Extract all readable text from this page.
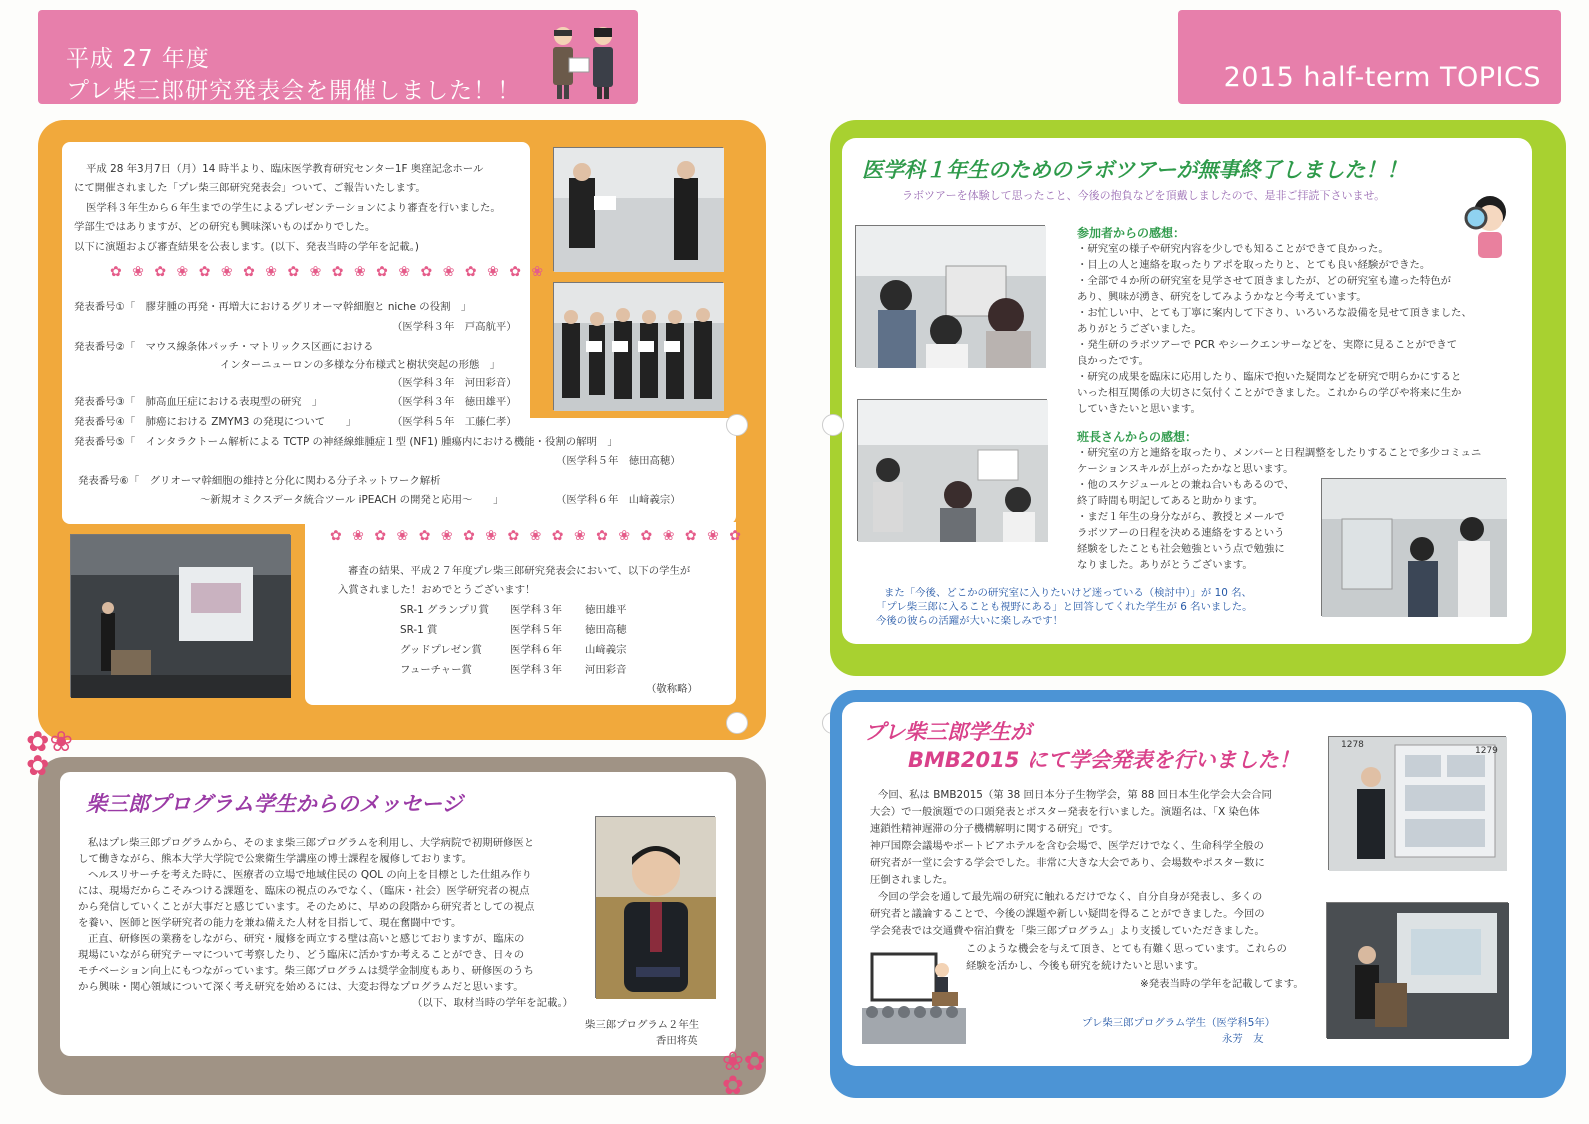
平成 27 年度
プレ柴三郎研究発表会を開催しました！！	2015 half-term TOPICS
平成 28 年3月7日（月）14 時半より、臨床医学教育研究センター1F 奥窪記念ホール
にて開催されました「プレ柴三郎研究発表会」ついて、ご報告いたします。
医学科３年生から６年生までの学生によるプレゼンテーションにより審査を行いました。
学部生ではありますが、どの研究も興味深いものばかりでした。
以下に演題および審査結果を公表します。(以下、発表当時の学年を記載。)
✿ ❀ ✿ ❀ ✿ ❀ ✿ ❀ ✿ ❀ ✿ ❀ ✿ ❀ ✿ ❀ ✿ ❀ ✿ ❀
発表番号①「　膠芽腫の再発・再増大におけるグリオーマ幹細胞と niche の役割　」
（医学科３年　戸高航平）
発表番号②「　マウス線条体パッチ・マトリックス区画における
インターニューロンの多様な分布様式と樹状突起の形態　」
（医学科３年　河田彩音）
発表番号③「　肺高血圧症における表現型の研究　」	（医学科３年　徳田雄平）
発表番号④「　肺癌における ZMYM3 の発現について　　」	（医学科５年　工藤仁孝）
発表番号⑤「　インタラクトーム解析による TCTP の神経線維腫症１型 (NF1) 腫瘍内における機能・役割の解明　」
（医学科５年　徳田高穂）
発表番号⑥「　グリオーマ幹細胞の維持と分化に関わる分子ネットワーク解析
～新規オミクスデータ統合ツール iPEACH の開発と応用～　　」	（医学科６年　山﨑義宗）
✿ ❀ ✿ ❀ ✿ ❀ ✿ ❀ ✿ ❀ ✿ ❀ ✿ ❀ ✿ ❀ ✿ ❀ ✿
審査の結果、平成２７年度プレ柴三郎研究発表会において、以下の学生が
入賞されました！おめでとうございます！
SR-1 グランプリ賞 医学科３年 徳田雄平
SR-1 賞	医学科５年 徳田高穂
グッドプレゼン賞	医学科６年 山﨑義宗
フューチャー賞	医学科３年 河田彩音
（敬称略）
柴三郎プログラム学生からのメッセージ
私はプレ柴三郎プログラムから、そのまま柴三郎プログラムを利用し、大学病院で初期研修医と
して働きながら、熊本大学大学院で公衆衛生学講座の博士課程を履修しております。
ヘルスリサーチを考えた時に、医療者の立場で地域住民の QOL の向上を目標とした仕組み作り
には、現場だからこそみつける課題を、臨床の視点のみでなく、（臨床・社会）医学研究者の視点
から発信していくことが大事だと感じています。そのために、早めの段階から研究者としての視点
を養い、医師と医学研究者の能力を兼ね備えた人材を目指して、現在奮闘中です。
正直、研修医の業務をしながら、研究・履修を両立する壁は高いと感じておりますが、臨床の
現場にいながら研究テーマについて考察したり、どう臨床に活かすか考えることができ、日々の
モチベーション向上にもつながっています。柴三郎プログラムは奨学金制度もあり、研修医のうち
から興味・関心領域について深く考え研究を始めるには、大変お得なプログラムだと思います。
（以下、取材当時の学年を記載。）
柴三郎プログラム２年生
香田将英
✿❀
✿
❀✿
✿
医学科１年生のためのラボツアーが無事終了しました！！
ラボツアーを体験して思ったこと、今後の抱負などを頂戴しましたので、是非ご拝読下さいませ。
参加者からの感想：
・研究室の様子や研究内容を少しでも知ることができて良かった。
・目上の人と連絡を取ったりアポを取ったりと、とても良い経験ができた。
・全部で４か所の研究室を見学させて頂きましたが、どの研究室も違った特色が
あり、興味が湧き、研究をしてみようかなと今考えています。
・お忙しい中、とても丁寧に案内して下さり、いろいろな設備を見せて頂きました、
ありがとうございました。
・発生研のラボツアーで PCR やシークエンサーなどを、実際に見ることができて
良かったです。
・研究の成果を臨床に応用したり、臨床で抱いた疑問などを研究で明らかにすると
いった相互関係の大切さに気付くことができました。これからの学びや将来に生か
していきたいと思います。
班長さんからの感想：
・研究室の方と連絡を取ったり、メンバーと日程調整をしたりすることで多少コミュニ
ケーションスキルが上がったかなと思います。
・他のスケジュールとの兼ね合いもあるので、
終了時間も明記してあると助かります。
・まだ１年生の身分ながら、教授とメールで
ラボツアーの日程を決める連絡をするという
経験をしたことも社会勉強という点で勉強に
なりました。ありがとうございます。
また「今後、どこかの研究室に入りたいけど迷っている（検討中）」が 10 名、
「プレ柴三郎に入ることも視野にある」と回答してくれた学生が 6 名いました。
今後の彼らの活躍が大いに楽しみです！
プレ柴三郎学生が
BMB2015 にて学会発表を行いました！
今回、私は BMB2015（第 38 回日本分子生物学会，第 88 回日本生化学会大会合同
大会）で一般演題での口頭発表とポスター発表を行いました。演題名は、「X 染色体
連鎖性精神遅滞の分子機構解明に関する研究」です。
神戸国際会議場やポートピアホテルを含む会場で、医学だけでなく、生命科学全般の
研究者が一堂に会する学会でした。非常に大きな大会であり、会場数やポスター数に
圧倒されました。
今回の学会を通して最先端の研究に触れるだけでなく、自分自身が発表し、多くの
研究者と議論することで、今後の課題や新しい疑問を得ることができました。今回の
学会発表では交通費や宿泊費を「柴三郎プログラム」より支援していただきました。
このような機会を与えて頂き、とても有難く思っています。これらの
経験を活かし、今後も研究を続けたいと思います。
※発表当時の学年を記載してます。
プレ柴三郎プログラム学生（医学科5年）
永芳　友
1278
1279
